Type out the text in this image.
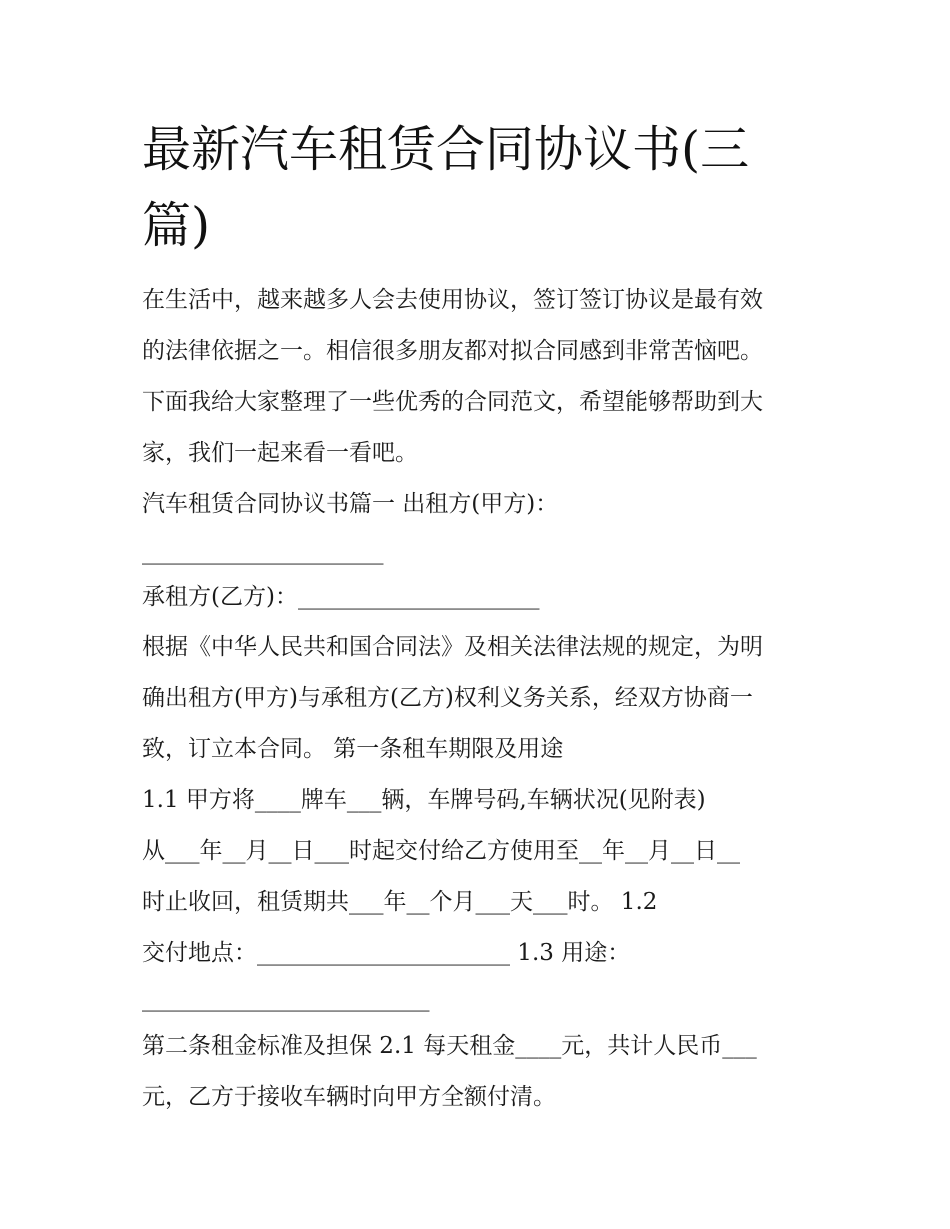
最新汽车租赁合同协议书(三
篇)

在生活中，越来越多人会去使用协议，签订签订协议是最有效

的法律依据之一。相信很多朋友都对拟合同感到非常苦恼吧。

下面我给大家整理了一些优秀的合同范文，希望能够帮助到大

家，我们一起来看一看吧。

汽车租赁合同协议书篇一 出租方(甲方)：

_____________________

承租方(乙方)：_____________________

根据《中华人民共和国合同法》及相关法律法规的规定，为明

确出租方(甲方)与承租方(乙方)权利义务关系，经双方协商一

致，订立本合同。 第一条租车期限及用途

1.1 甲方将____牌车___辆，车牌号码,车辆状况(见附表)

从___年__月__日___时起交付给乙方使用至__年__月__日__

时止收回，租赁期共___年__个月___天___时。 1.2

交付地点：______________________ 1.3 用途：

_________________________

第二条租金标准及担保 2.1 每天租金____元，共计人民币___

元，乙方于接收车辆时向甲方全额付清。
